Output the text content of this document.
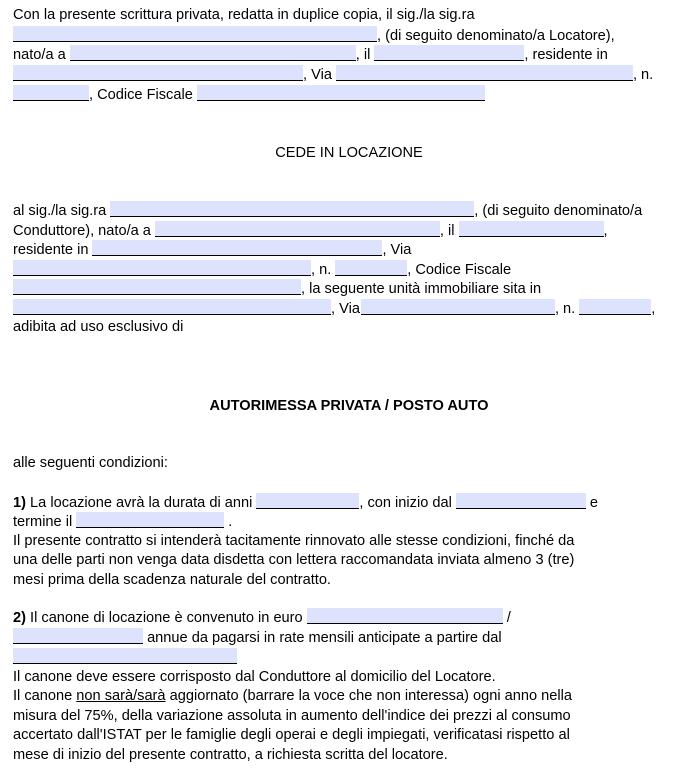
Con la presente scrittura privata, redatta in duplice copia, il sig./la sig.ra
, (di seguito denominato/a Locatore),
nato/a a	, il	, residente in
, Via	, n.
, Codice Fiscale
CEDE IN LOCAZIONE
al sig./la sig.ra	, (di seguito denominato/a
Conduttore), nato/a a	, il	,
residente in	, Via
, n.	, Codice Fiscale
, la seguente unità immobiliare sita in
, Via	, n.	,
adibita ad uso esclusivo di
AUTORIMESSA PRIVATA / POSTO AUTO
alle seguenti condizioni:
1) La locazione avrà la durata di anni	, con inizio dal	e
termine il	.
Il presente contratto si intenderà tacitamente rinnovato alle stesse condizioni, finché da
una delle parti non venga data disdetta con lettera raccomandata inviata almeno 3 (tre)
mesi prima della scadenza naturale del contratto.
2) Il canone di locazione è convenuto in euro	/
annue da pagarsi in rate mensili anticipate a partire dal
Il canone deve essere corrisposto dal Conduttore al domicilio del Locatore.
Il canone non sarà/sarà aggiornato (barrare la voce che non interessa) ogni anno nella
misura del 75%, della variazione assoluta in aumento dell'indice dei prezzi al consumo
accertato dall'ISTAT per le famiglie degli operai e degli impiegati, verificatasi rispetto al
mese di inizio del presente contratto, a richiesta scritta del locatore.
